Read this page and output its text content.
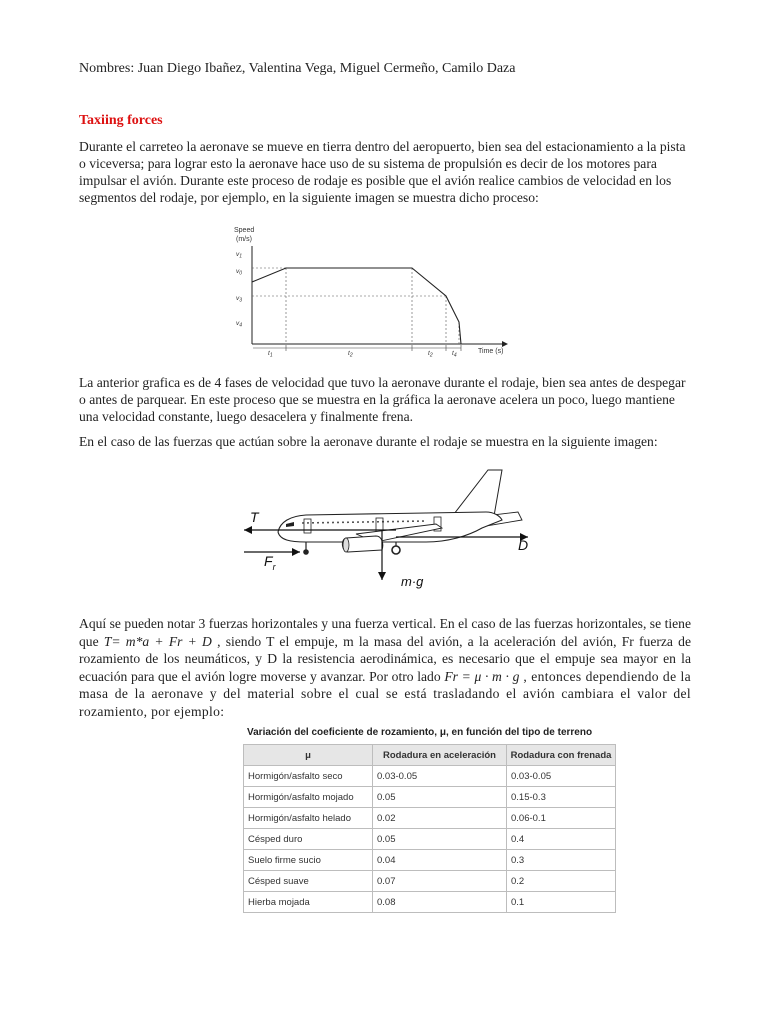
Nombres: Juan Diego Ibañez, Valentina Vega, Miguel Cermeño, Camilo Daza
Taxiing forces

Durante el carreteo la aeronave se mueve en tierra dentro del aeropuerto, bien sea del estacionamiento a la pista o viceversa; para lograr esto la aeronave hace uso de su sistema de propulsión es decir de los motores para impulsar el avión. Durante este proceso de rodaje es posible que el avión realice cambios de velocidad en los segmentos del rodaje, por ejemplo, en la siguiente imagen se muestra dicho proceso:

Speed
(m/s)
$v_1$
$v_0$
$v_3$
$v_4$
$t_1$	$t_2$	$t_2$	$t_4$
Time (s)

La anterior grafica es de 4 fases de velocidad que tuvo la aeronave durante el rodaje, bien sea antes de despegar o antes de parquear. En este proceso que se muestra en la gráfica la aeronave acelera un poco, luego mantiene una velocidad constante, luego desacelera y finalmente frena.

En el caso de las fuerzas que actúan sobre la aeronave durante el rodaje se muestra en la siguiente imagen:

T
$F_r$
D
m·g

Aquí se pueden notar 3 fuerzas horizontales y una fuerza vertical. En el caso de las fuerzas horizontales, se tiene que T= m*a + Fr + D , siendo T el empuje, m la masa del avión, a la aceleración del avión, Fr fuerza de rozamiento de los neumáticos, y D la resistencia aerodinámica, es necesario que el empuje sea mayor en la ecuación para que el avión logre moverse y avanzar. Por otro lado Fr = μ · m · g , entonces dependiendo de la masa de la aeronave y del material sobre el cual se está trasladando el avión cambiara el valor del rozamiento, por ejemplo:

Variación del coeficiente de rozamiento, μ, en función del tipo de terreno
μ	Rodadura en aceleración	Rodadura con frenada
Hormigón/asfalto seco	0.03-0.05	0.03-0.05
Hormigón/asfalto mojado	0.05	0.15-0.3
Hormigón/asfalto helado	0.02	0.06-0.1
Césped duro	0.05	0.4
Suelo firme sucio	0.04	0.3
Césped suave	0.07	0.2
Hierba mojada	0.08	0.1
